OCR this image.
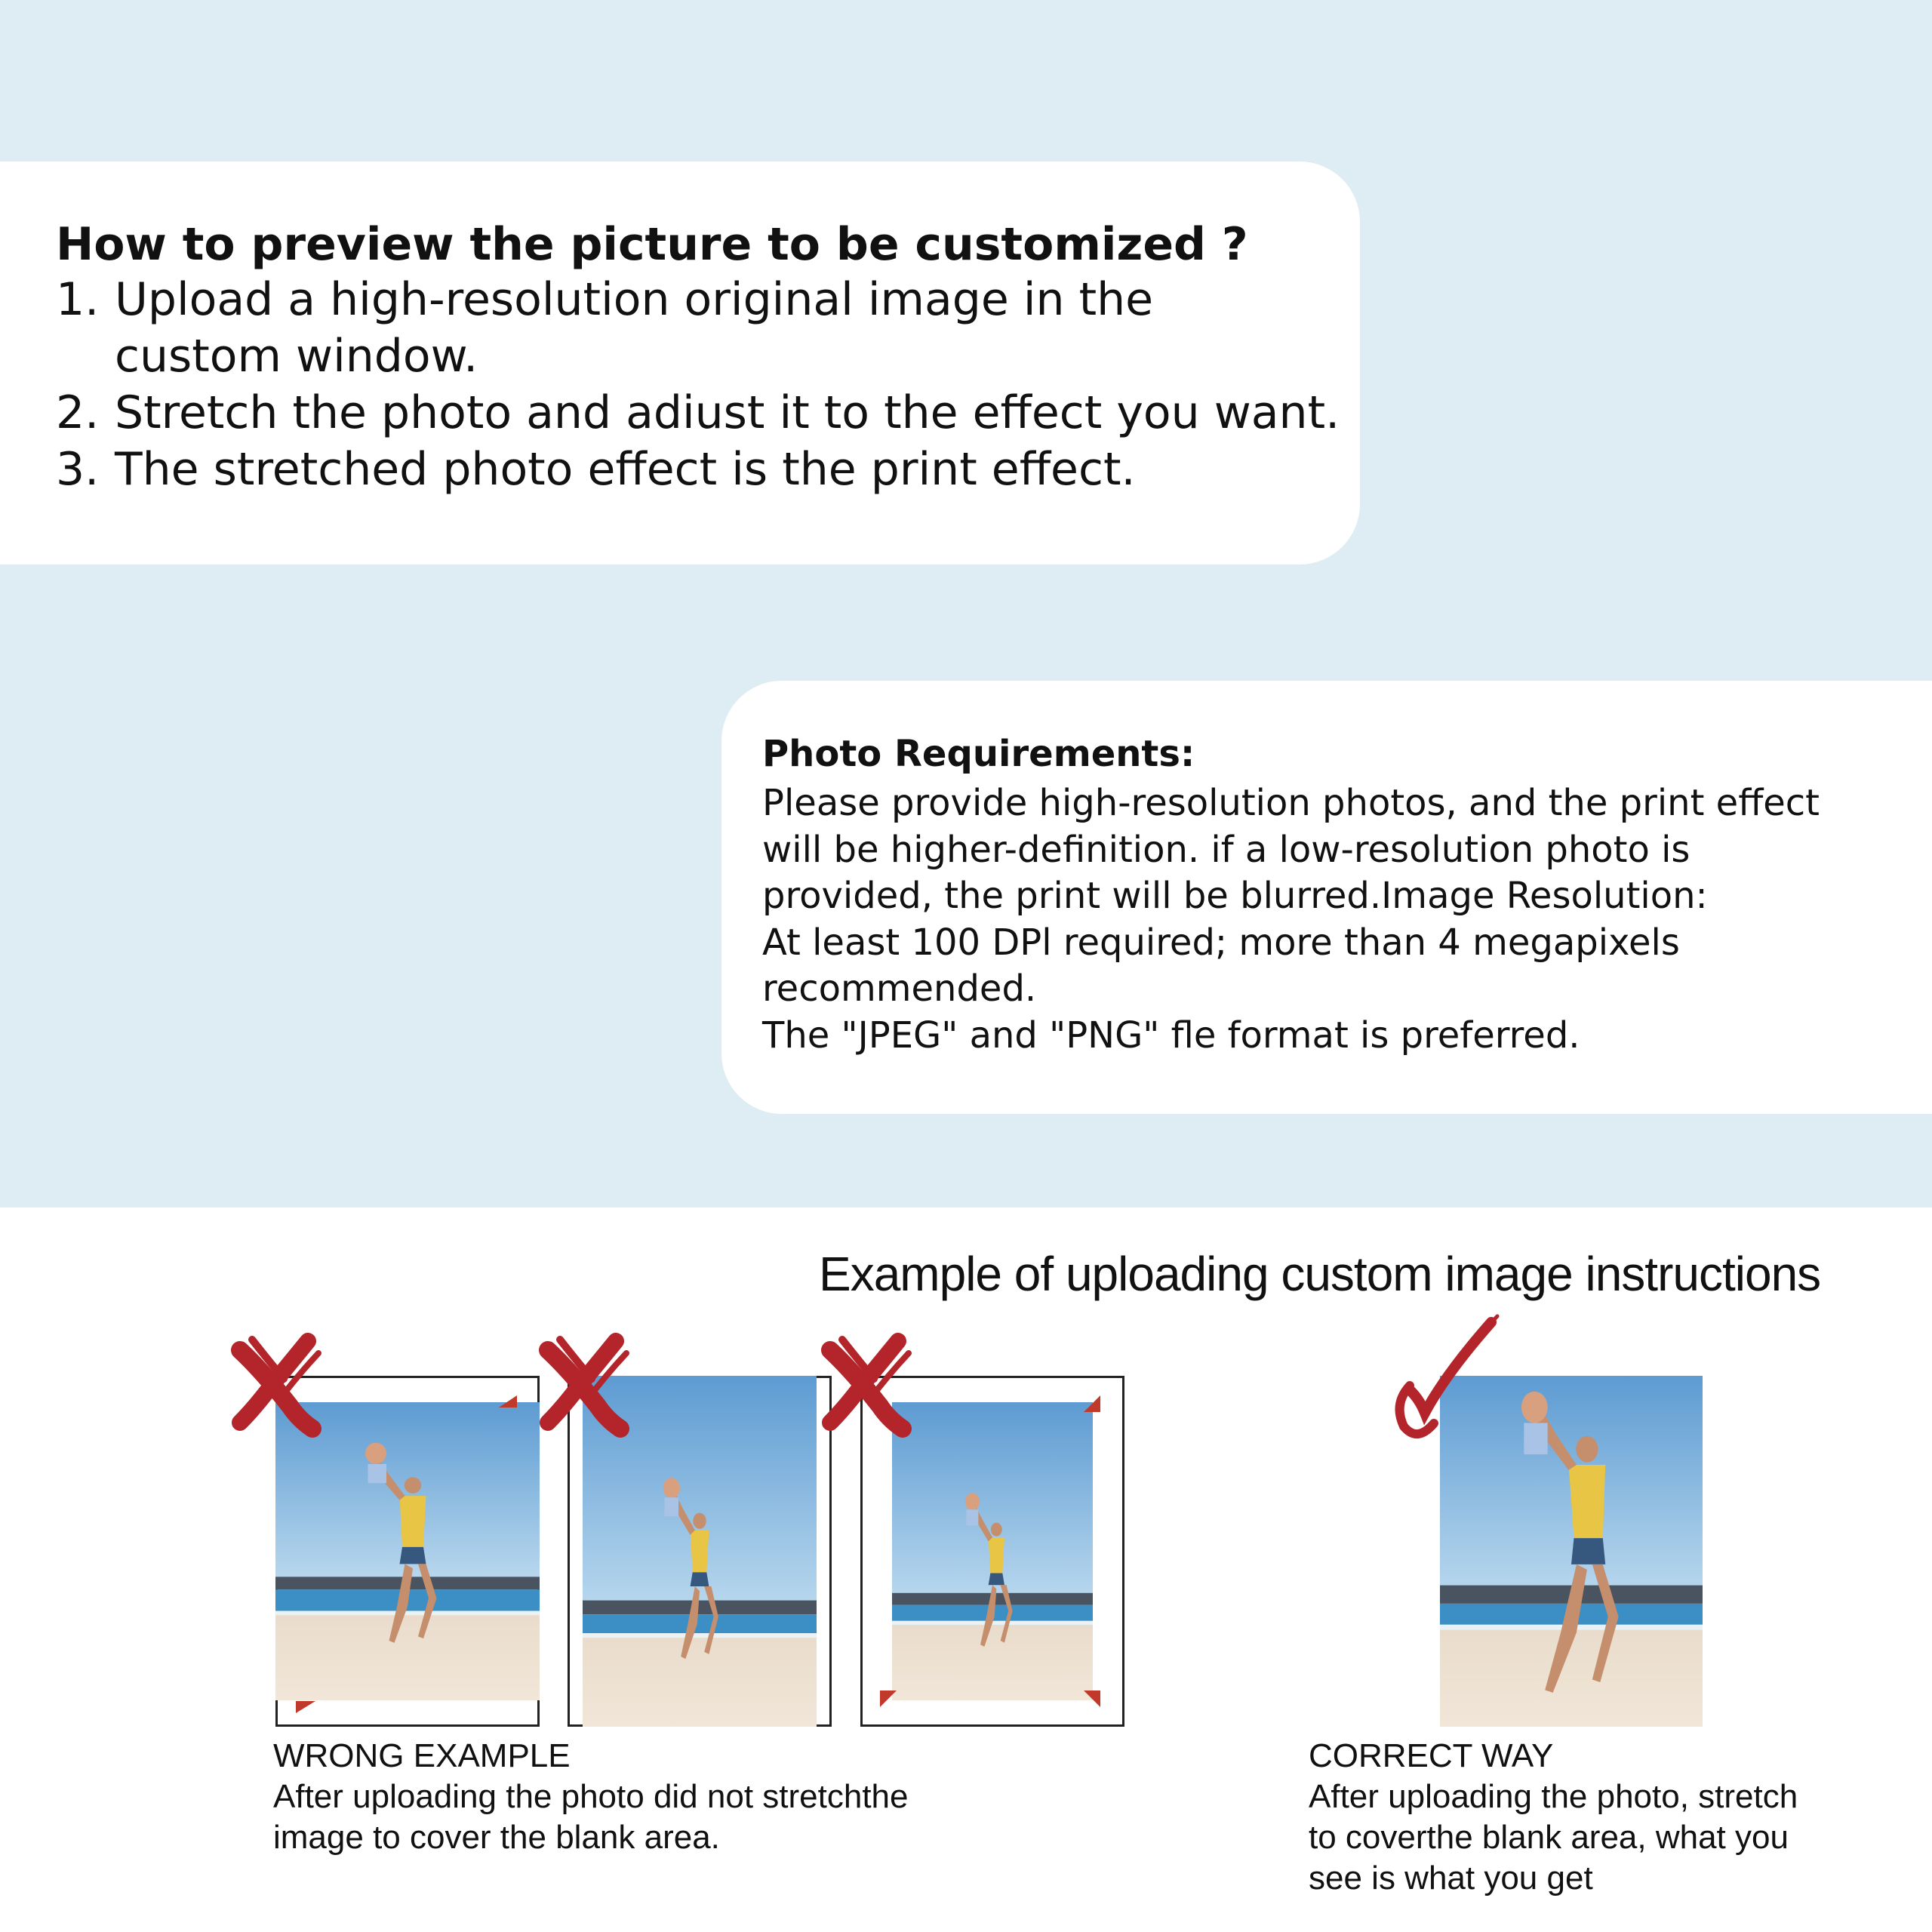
How to preview the picture to be customized ?
1. Upload a high-resolution original image in the
custom window.
2. Stretch the photo and adiust it to the effect you want.
3. The stretched photo effect is the print effect.
Photo Requirements:

Please provide high-resolution photos, and the print effect

will be higher-definition. if a low-resolution photo is

provided, the print will be blurred.Image Resolution:

At least 100 DPl required; more than 4 megapixels

recommended.

The "JPEG" and "PNG" fle format is preferred.

Example of uploading custom image instructions
WRONG EXAMPLE
After uploading the photo did not stretchthe
image to cover the blank area.
CORRECT WAY
After uploading the photo, stretch
to coverthe blank area, what you
see is what you get
